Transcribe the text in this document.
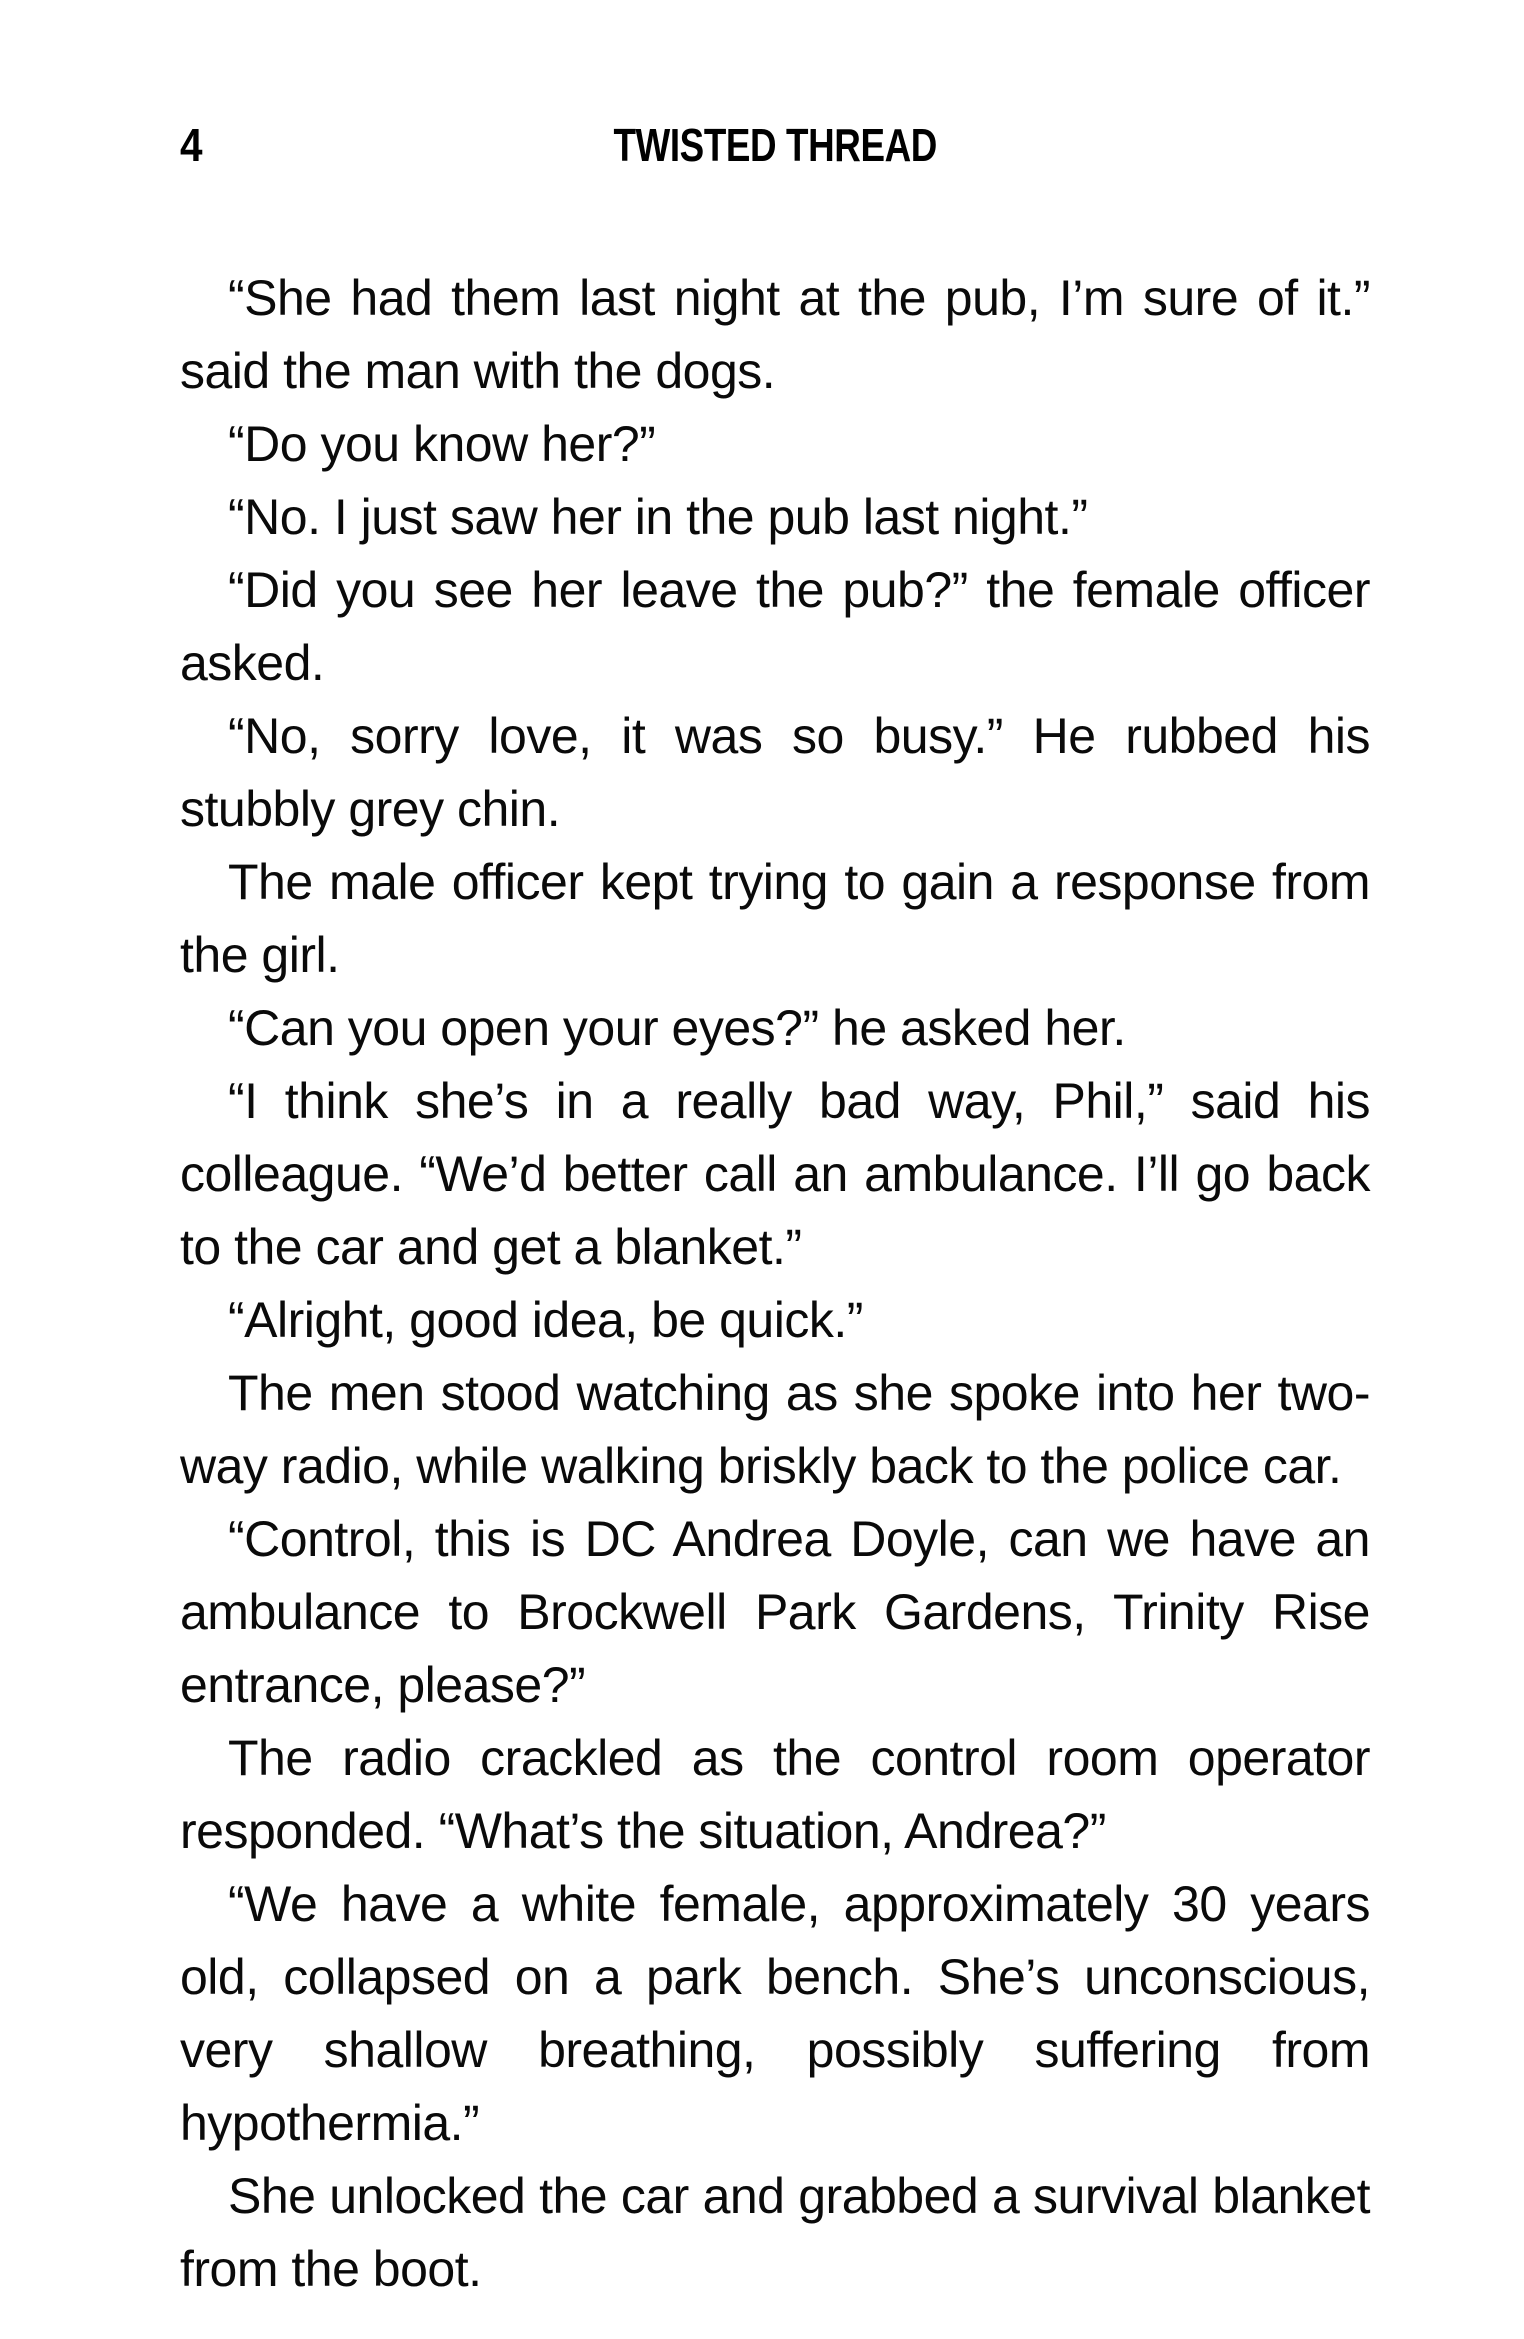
4	TWISTED THREAD

“She had them last night at the pub, I’m sure of it.” said the man with the dogs.

“Do you know her?”

“No. I just saw her in the pub last night.”

“Did you see her leave the pub?” the female officer asked.

“No, sorry love, it was so busy.” He rubbed his stubbly grey chin.

The male officer kept trying to gain a response from the girl.

“Can you open your eyes?” he asked her.

“I think she’s in a really bad way, Phil,” said his colleague. “We’d better call an ambulance. I’ll go back to the car and get a blanket.”

“Alright, good idea, be quick.”

The men stood watching as she spoke into her two-way radio, while walking briskly back to the police car.

“Control, this is DC Andrea Doyle, can we have an ambulance to Brockwell Park Gardens, Trinity Rise entrance, please?”

The radio crackled as the control room operator responded. “What’s the situation, Andrea?”

“We have a white female, approximately 30 years old, collapsed on a park bench. She’s unconscious, very shallow breathing, possibly suffering from hypothermia.”

She unlocked the car and grabbed a survival blanket from the boot.
